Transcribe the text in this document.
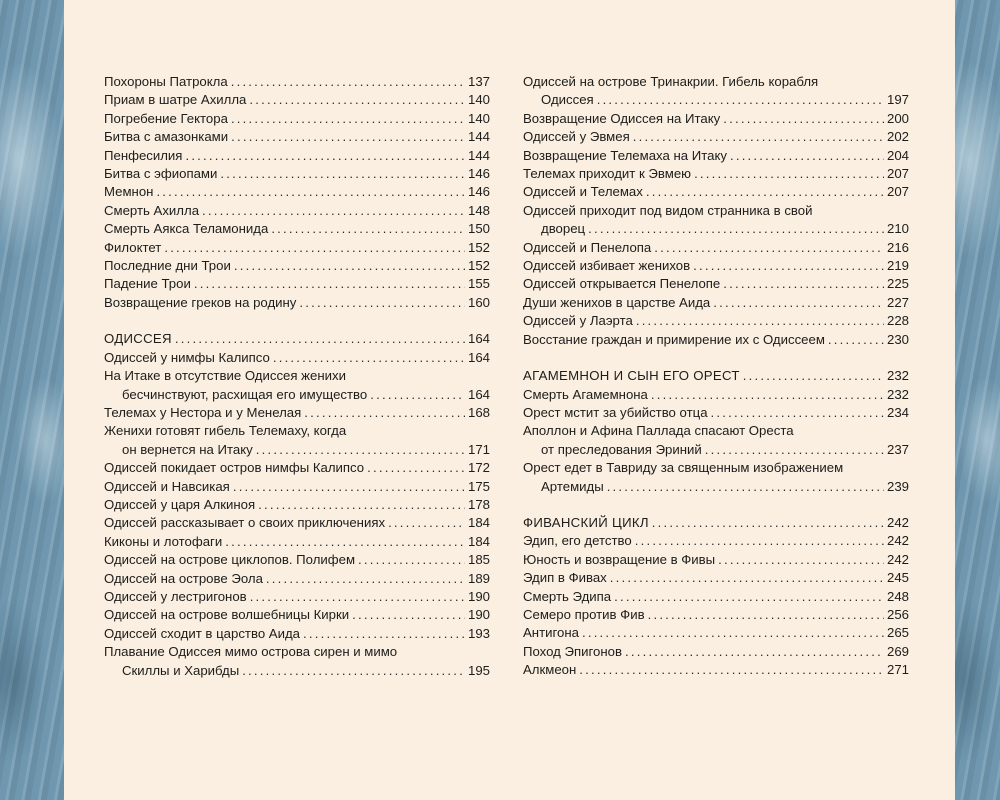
Похороны Патрокла .....	137
Приам в шатре Ахилла .....	140
Погребение Гектора .....	140
Битва с амазонками .....	144
Пенфесилия .....	144
Битва с эфиопами .....	146
Мемнон .....	146
Смерть Ахилла .....	148
Смерть Аякса Теламонида .....	150
Филоктет .....	152
Последние дни Трои .....	152
Падение Трои .....	155
Возвращение греков на родину .....	160
ОДИССЕЯ .....	164
Одиссей у нимфы Калипсо .....	164
На Итаке в отсутствие Одиссея женихи
бесчинствуют, расхищая его имущество .....	164
Телемах у Нестора и у Менелая .....	168
Женихи готовят гибель Телемаху, когда
он вернется на Итаку .....	171
Одиссей покидает остров нимфы Калипсо .....	172
Одиссей и Навсикая .....	175
Одиссей у царя Алкиноя .....	178
Одиссей рассказывает о своих приключениях .....	184
Киконы и лотофаги .....	184
Одиссей на острове циклопов. Полифем .....	185
Одиссей на острове Эола .....	189
Одиссей у лестригонов .....	190
Одиссей на острове волшебницы Кирки .....	190
Одиссей сходит в царство Аида .....	193
Плавание Одиссея мимо острова сирен и мимо
Скиллы и Харибды .....	195
Одиссей на острове Тринакрии. Гибель корабля
Одиссея .....	197
Возвращение Одиссея на Итаку .....	200
Одиссей у Эвмея .....	202
Возвращение Телемаха на Итаку .....	204
Телемах приходит к Эвмею .....	207
Одиссей и Телемах .....	207
Одиссей приходит под видом странника в свой
дворец .....	210
Одиссей и Пенелопа .....	216
Одиссей избивает женихов .....	219
Одиссей открывается Пенелопе .....	225
Души женихов в царстве Аида .....	227
Одиссей у Лаэрта .....	228
Восстание граждан и примирение их с Одиссеем .....	230
АГАМЕМНОН И СЫН ЕГО ОРЕСТ .....	232
Смерть Агамемнона .....	232
Орест мстит за убийство отца .....	234
Аполлон и Афина Паллада спасают Ореста
от преследования Эриний .....	237
Орест едет в Тавриду за священным изображением
Артемиды .....	239
ФИВАНСКИЙ ЦИКЛ .....	242
Эдип, его детство .....	242
Юность и возвращение в Фивы .....	242
Эдип в Фивах .....	245
Смерть Эдипа .....	248
Семеро против Фив .....	256
Антигона .....	265
Поход Эпигонов .....	269
Алкмеон .....	271
